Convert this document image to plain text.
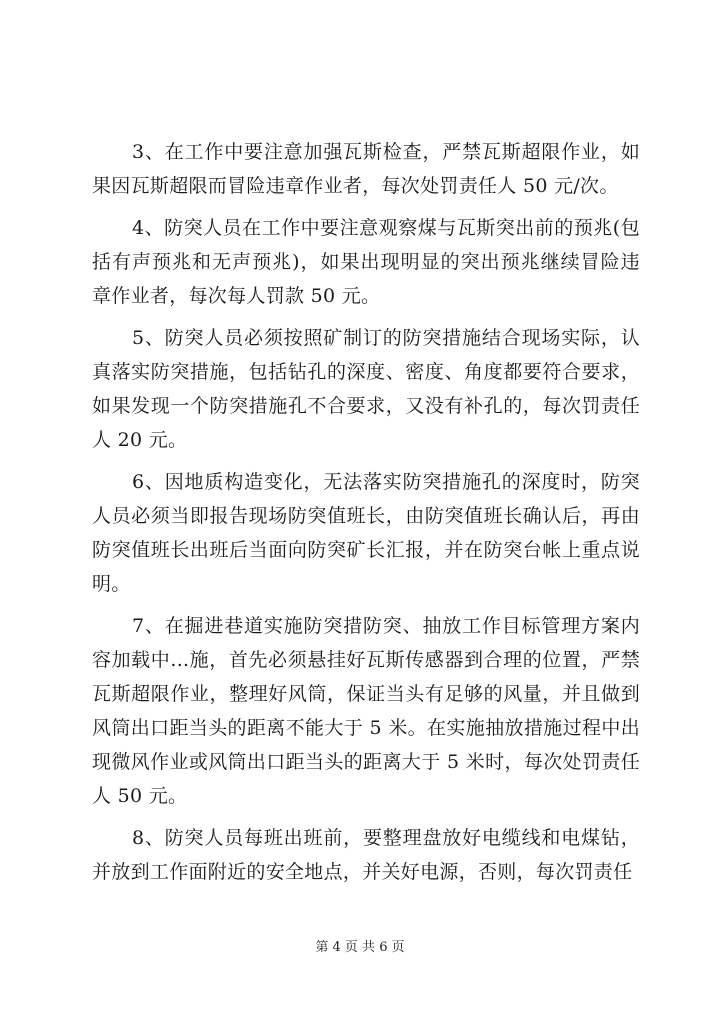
3、在工作中要注意加强瓦斯检查，严禁瓦斯超限作业，如果因瓦斯超限而冒险违章作业者，每次处罚责任人 50 元/次。

4、防突人员在工作中要注意观察煤与瓦斯突出前的预兆(包括有声预兆和无声预兆)，如果出现明显的突出预兆继续冒险违章作业者，每次每人罚款 50 元。

5、防突人员必须按照矿制订的防突措施结合现场实际，认真落实防突措施，包括钻孔的深度、密度、角度都要符合要求，如果发现一个防突措施孔不合要求，又没有补孔的，每次罚责任人 20 元。

6、因地质构造变化，无法落实防突措施孔的深度时，防突人员必须当即报告现场防突值班长，由防突值班长确认后，再由防突值班长出班后当面向防突矿长汇报，并在防突台帐上重点说明。

7、在掘进巷道实施防突措防突、抽放工作目标管理方案内容加载中...施，首先必须悬挂好瓦斯传感器到合理的位置，严禁瓦斯超限作业，整理好风筒，保证当头有足够的风量，并且做到风筒出口距当头的距离不能大于 5 米。在实施抽放措施过程中出现微风作业或风筒出口距当头的距离大于 5 米时，每次处罚责任人 50 元。

8、防突人员每班出班前，要整理盘放好电缆线和电煤钻，并放到工作面附近的安全地点，并关好电源，否则，每次罚责任

第 4 页 共 6 页
